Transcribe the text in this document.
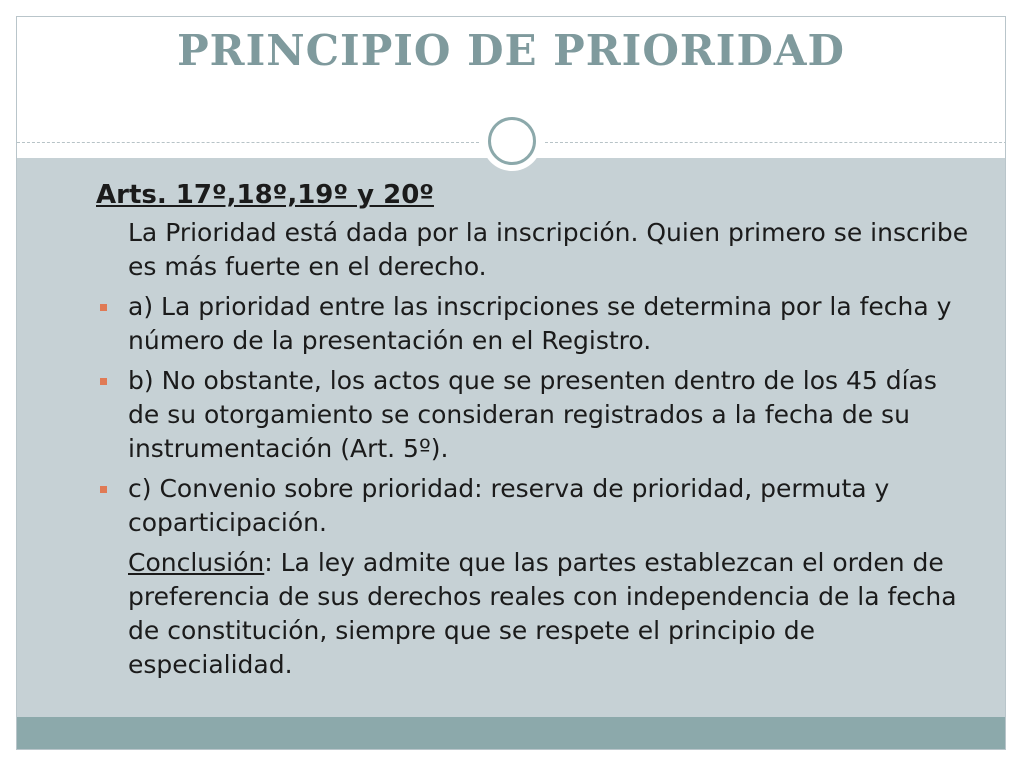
PRINCIPIO DE PRIORIDAD

Arts. 17º,18º,19º y 20º

La Prioridad está dada por la inscripción. Quien primero se inscribe es más fuerte en el derecho.

a) La prioridad entre las inscripciones se determina por la fecha y número de la presentación en el Registro.

b) No obstante, los actos que se presenten dentro de los 45 días de su otorgamiento se consideran registrados a la fecha de su instrumentación (Art. 5º).

c) Convenio sobre prioridad: reserva de prioridad, permuta y coparticipación.

Conclusión: La ley admite que las partes establezcan el orden de preferencia de sus derechos reales con independencia de la fecha de constitución, siempre que se respete el principio de especialidad.
